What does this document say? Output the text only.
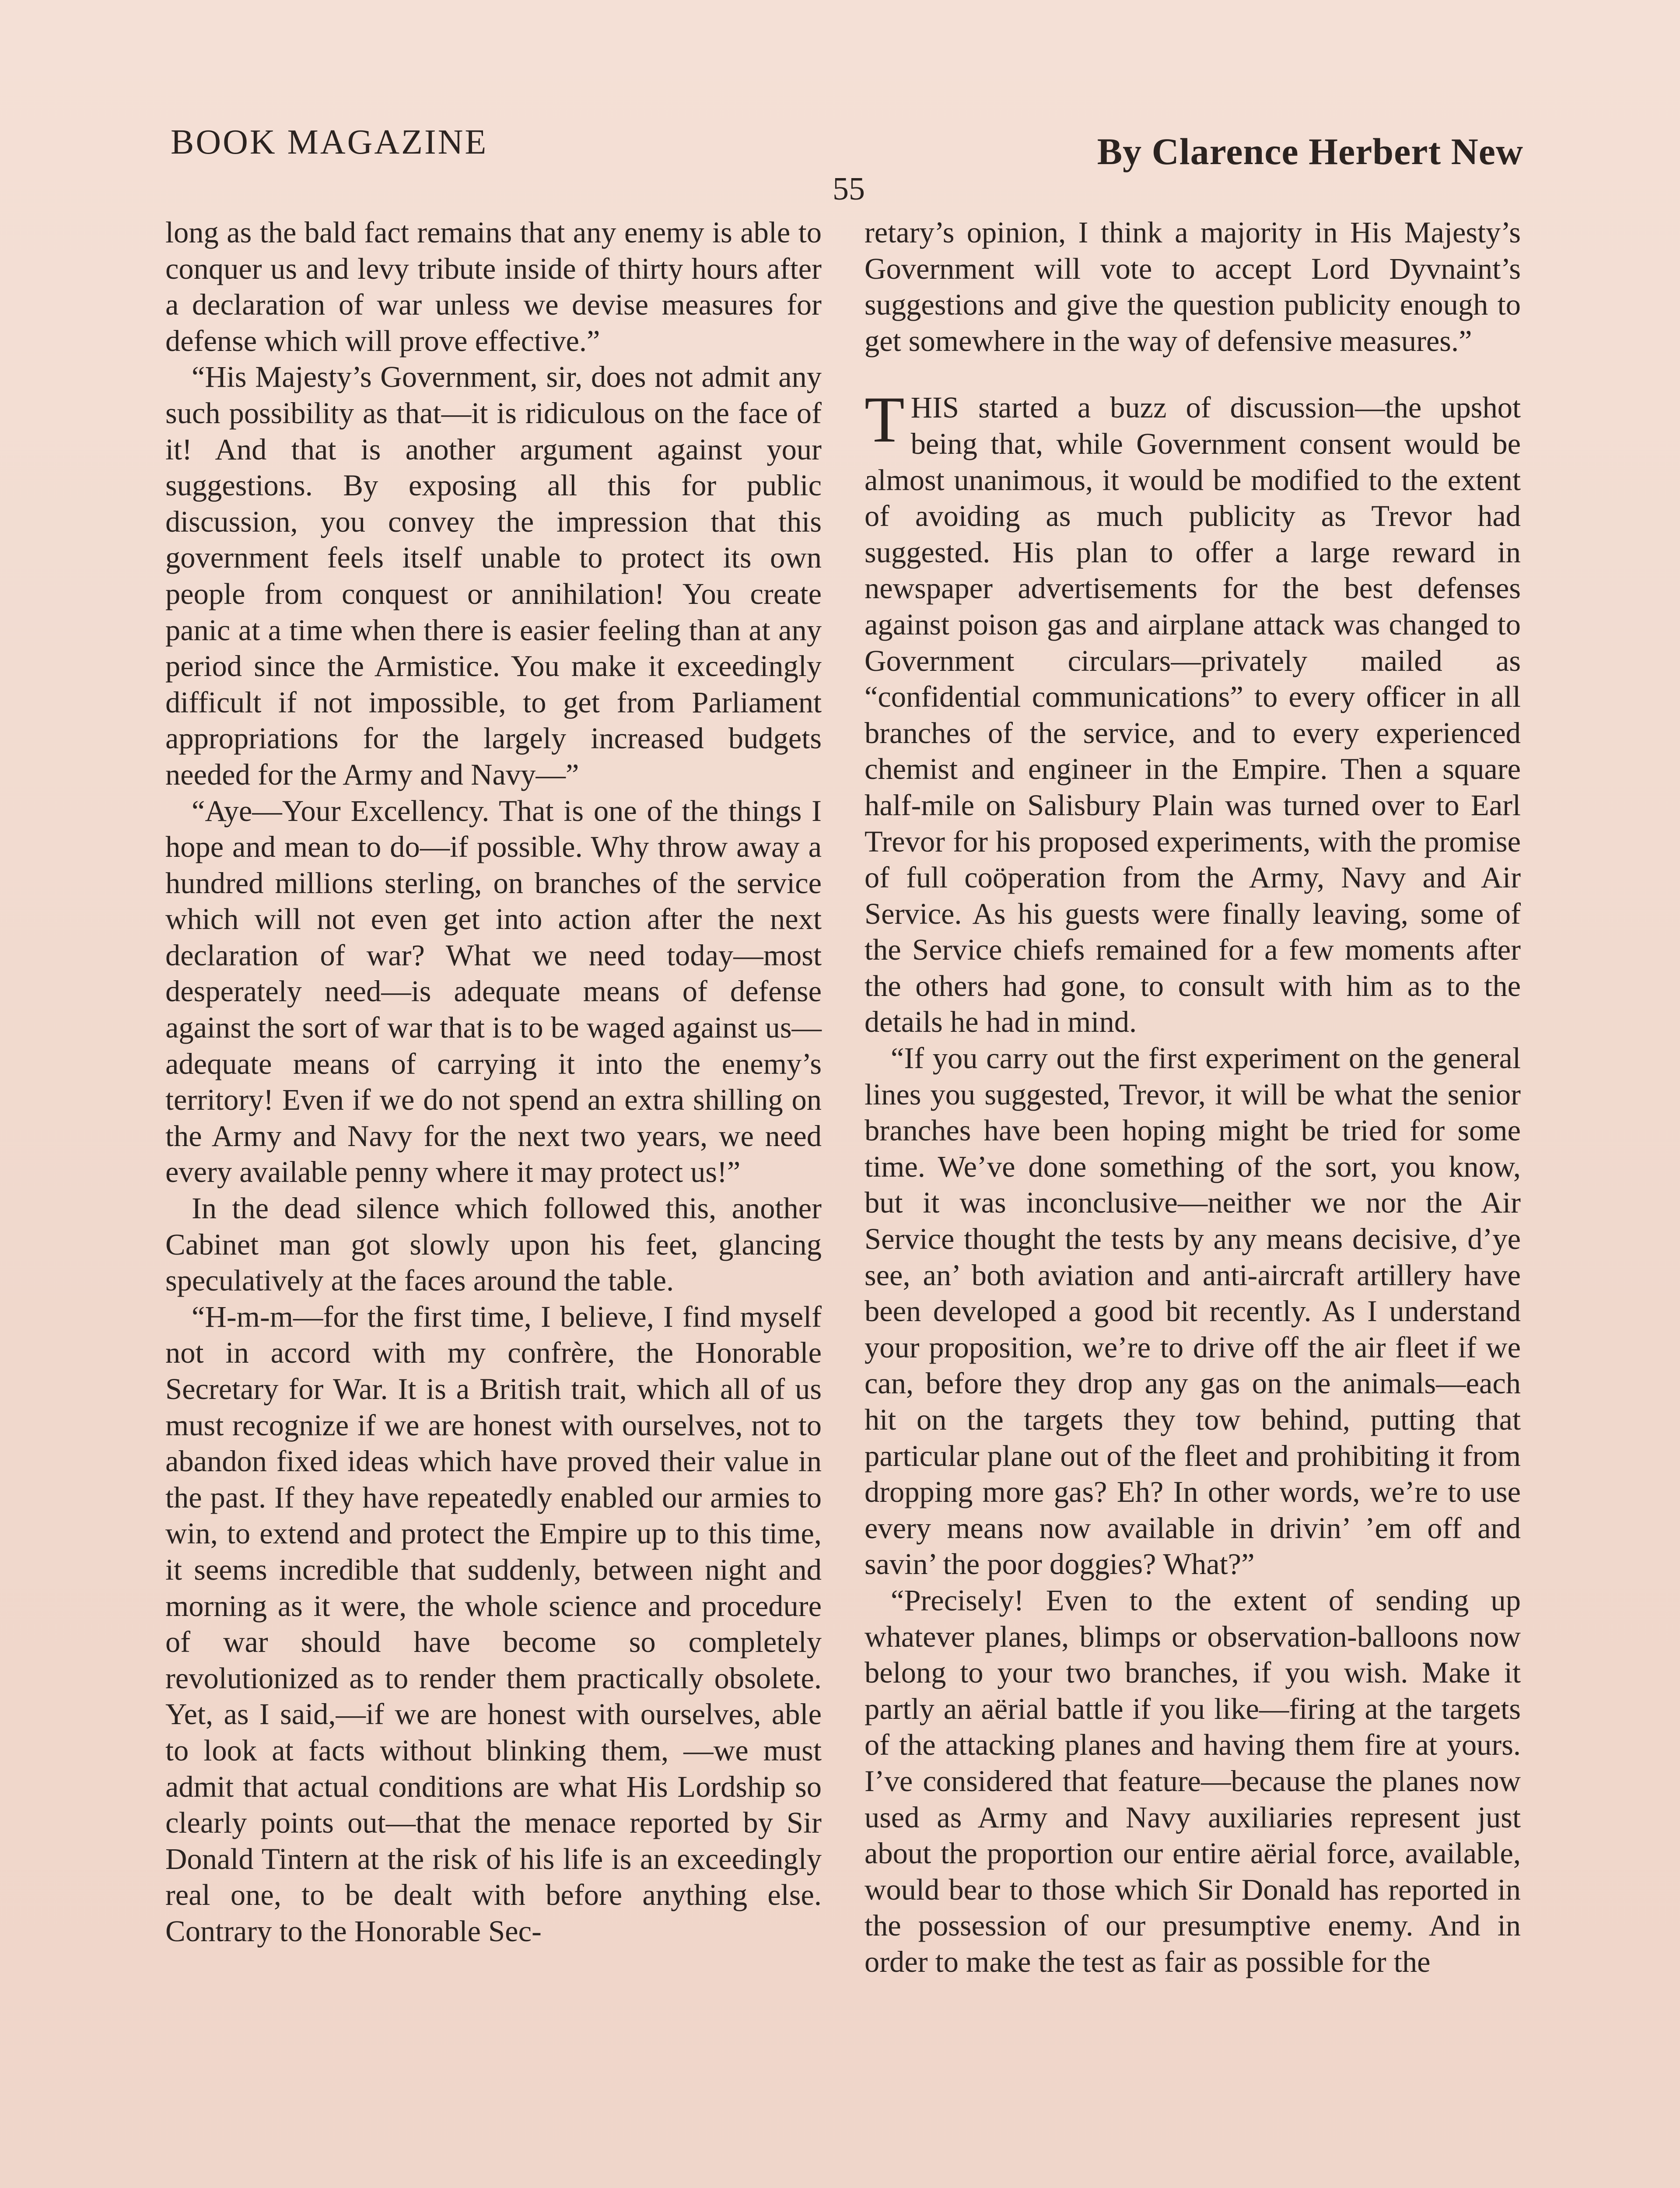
BOOK MAGAZINE	By Clarence Herbert New
55

long as the bald fact remains that any enemy is able to conquer us and levy tribute inside of thirty hours after a declaration of war unless we devise measures for defense which will prove effective.”

“His Majesty’s Government, sir, does not admit any such possibility as that—it is ridiculous on the face of it! And that is another argument against your suggestions. By exposing all this for public discussion, you convey the impression that this government feels itself unable to protect its own people from conquest or annihilation! You create panic at a time when there is easier feeling than at any period since the Armistice. You make it exceedingly difficult if not impossible, to get from Parliament appropriations for the largely increased budgets needed for the Army and Navy—”

“Aye—Your Excellency. That is one of the things I hope and mean to do—if possible. Why throw away a hundred millions sterling, on branches of the service which will not even get into action after the next declaration of war? What we need today—most desperately need—is adequate means of defense against the sort of war that is to be waged against us—adequate means of carrying it into the enemy’s territory! Even if we do not spend an extra shilling on the Army and Navy for the next two years, we need every available penny where it may protect us!”

In the dead silence which followed this, another Cabinet man got slowly upon his feet, glancing speculatively at the faces around the table.

“H-m-m—for the first time, I believe, I find myself not in accord with my confrère, the Honorable Secretary for War. It is a British trait, which all of us must recognize if we are honest with ourselves, not to abandon fixed ideas which have proved their value in the past. If they have repeatedly enabled our armies to win, to extend and protect the Empire up to this time, it seems incredible that suddenly, between night and morning as it were, the whole science and procedure of war should have become so completely revolutionized as to render them practically obsolete. Yet, as I said,—if we are honest with ourselves, able to look at facts without blinking them, —we must admit that actual conditions are what His Lordship so clearly points out—that the menace reported by Sir Donald Tintern at the risk of his life is an exceedingly real one, to be dealt with before anything else. Contrary to the Honorable Sec-

retary’s opinion, I think a majority in His Majesty’s Government will vote to accept Lord Dyvnaint’s suggestions and give the question publicity enough to get somewhere in the way of defensive measures.”

THIS started a buzz of discussion—the upshot being that, while Government consent would be almost unanimous, it would be modified to the extent of avoiding as much publicity as Trevor had suggested. His plan to offer a large reward in newspaper advertisements for the best defenses against poison gas and airplane attack was changed to Government circulars—privately mailed as “confidential communications” to every officer in all branches of the service, and to every experienced chemist and engineer in the Empire. Then a square half-mile on Salisbury Plain was turned over to Earl Trevor for his proposed experiments, with the promise of full coöperation from the Army, Navy and Air Service. As his guests were finally leaving, some of the Service chiefs remained for a few moments after the others had gone, to consult with him as to the details he had in mind.

“If you carry out the first experiment on the general lines you suggested, Trevor, it will be what the senior branches have been hoping might be tried for some time. We’ve done something of the sort, you know, but it was inconclusive—neither we nor the Air Service thought the tests by any means decisive, d’ye see, an’ both aviation and anti-aircraft artillery have been developed a good bit recently. As I understand your proposition, we’re to drive off the air fleet if we can, before they drop any gas on the animals—each hit on the targets they tow behind, putting that particular plane out of the fleet and prohibiting it from dropping more gas? Eh? In other words, we’re to use every means now available in drivin’ ’em off and savin’ the poor doggies? What?”

“Precisely! Even to the extent of sending up whatever planes, blimps or observation-balloons now belong to your two branches, if you wish. Make it partly an aërial battle if you like—firing at the targets of the attacking planes and having them fire at yours. I’ve considered that feature—because the planes now used as Army and Navy auxiliaries represent just about the proportion our entire aërial force, available, would bear to those which Sir Donald has reported in the possession of our presumptive enemy. And in order to make the test as fair as possible for the
